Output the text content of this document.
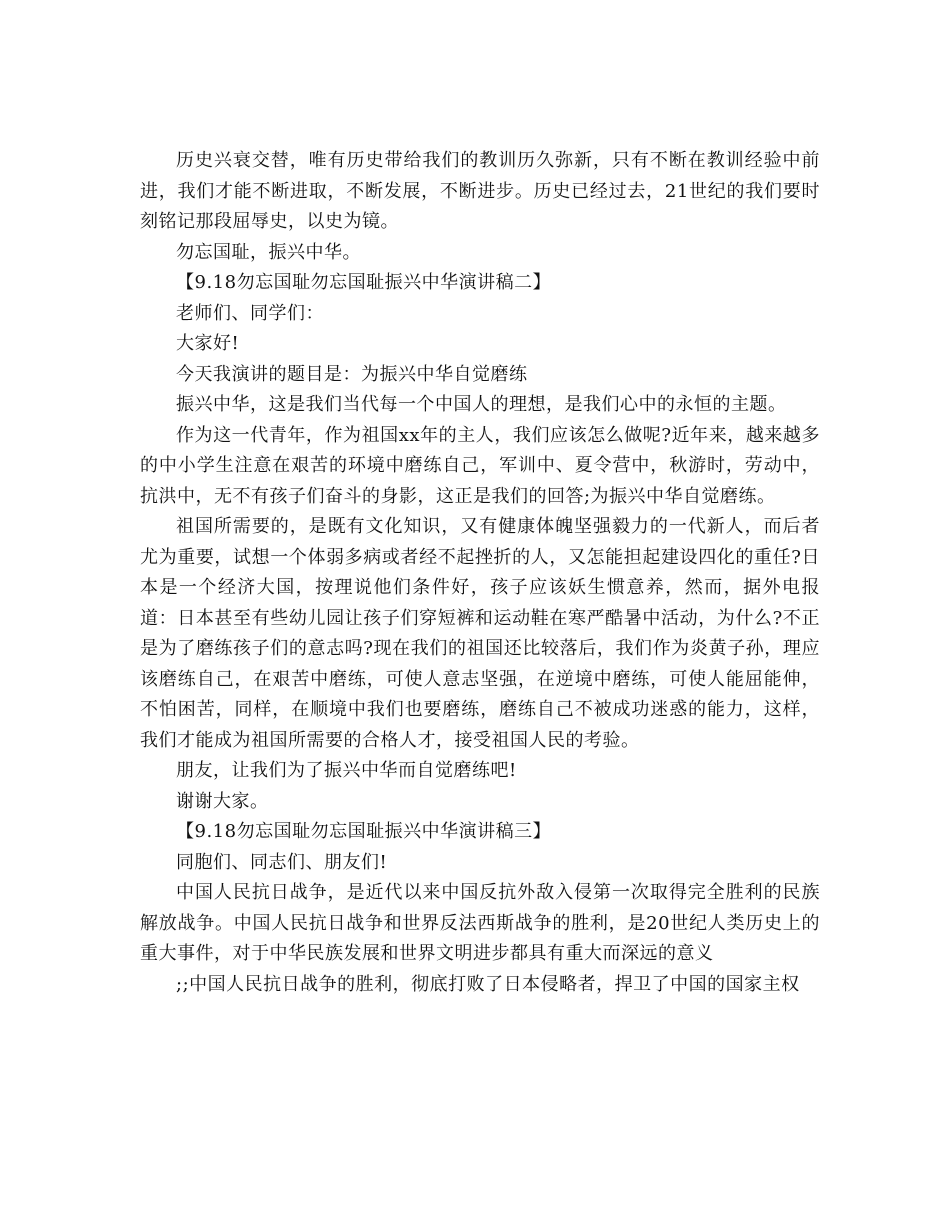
历史兴衰交替，唯有历史带给我们的教训历久弥新，只有不断在教训经验中前进，我们才能不断进取，不断发展，不断进步。历史已经过去，21世纪的我们要时刻铭记那段屈辱史，以史为镜。

勿忘国耻，振兴中华。

【9.18勿忘国耻勿忘国耻振兴中华演讲稿二】

老师们、同学们：

大家好!

今天我演讲的题目是：为振兴中华自觉磨练

振兴中华，这是我们当代每一个中国人的理想，是我们心中的永恒的主题。

作为这一代青年，作为祖国xx年的主人，我们应该怎么做呢?近年来，越来越多的中小学生注意在艰苦的环境中磨练自己，军训中、夏令营中，秋游时，劳动中，抗洪中，无不有孩子们奋斗的身影，这正是我们的回答;为振兴中华自觉磨练。

祖国所需要的，是既有文化知识，又有健康体魄坚强毅力的一代新人，而后者尤为重要，试想一个体弱多病或者经不起挫折的人，又怎能担起建设四化的重任?日本是一个经济大国，按理说他们条件好，孩子应该妖生惯意养，然而，据外电报道：日本甚至有些幼儿园让孩子们穿短裤和运动鞋在寒严酷暑中活动，为什么?不正是为了磨练孩子们的意志吗?现在我们的祖国还比较落后，我们作为炎黄子孙，理应该磨练自己，在艰苦中磨练，可使人意志坚强，在逆境中磨练，可使人能屈能伸，不怕困苦，同样，在顺境中我们也要磨练，磨练自己不被成功迷惑的能力，这样，我们才能成为祖国所需要的合格人才，接受祖国人民的考验。

朋友，让我们为了振兴中华而自觉磨练吧!

谢谢大家。

【9.18勿忘国耻勿忘国耻振兴中华演讲稿三】

同胞们、同志们、朋友们!

中国人民抗日战争，是近代以来中国反抗外敌入侵第一次取得完全胜利的民族解放战争。中国人民抗日战争和世界反法西斯战争的胜利，是20世纪人类历史上的重大事件，对于中华民族发展和世界文明进步都具有重大而深远的意义

;;中国人民抗日战争的胜利，彻底打败了日本侵略者，捍卫了中国的国家主权
